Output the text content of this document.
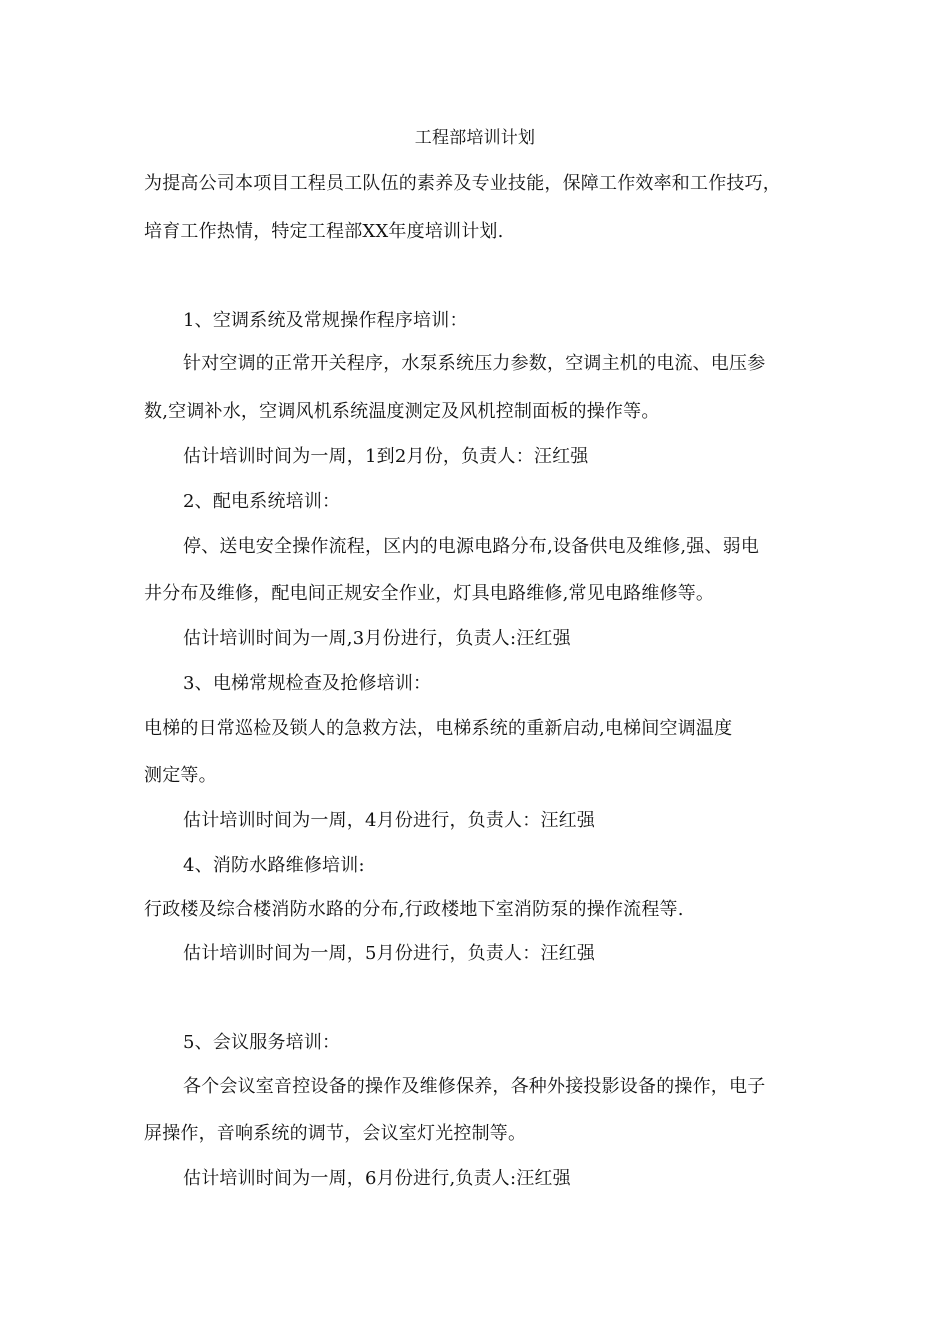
工程部培训计划
为提高公司本项目工程员工队伍的素养及专业技能，保障工作效率和工作技巧，
培育工作热情，特定工程部XX年度培训计划.
1、空调系统及常规操作程序培训：
针对空调的正常开关程序，水泵系统压力参数，空调主机的电流、电压参
数,空调补水，空调风机系统温度测定及风机控制面板的操作等。
估计培训时间为一周，1到2月份，负责人：汪红强
2、配电系统培训：
停、送电安全操作流程，区内的电源电路分布,设备供电及维修,强、弱电
井分布及维修，配电间正规安全作业，灯具电路维修,常见电路维修等。
估计培训时间为一周,3月份进行，负责人:汪红强
3、电梯常规检查及抢修培训：
电梯的日常巡检及锁人的急救方法，电梯系统的重新启动,电梯间空调温度
测定等。
估计培训时间为一周，4月份进行，负责人：汪红强
4、消防水路维修培训:
行政楼及综合楼消防水路的分布,行政楼地下室消防泵的操作流程等.
估计培训时间为一周，5月份进行，负责人：汪红强
5、会议服务培训：
各个会议室音控设备的操作及维修保养，各种外接投影设备的操作，电子
屏操作，音响系统的调节，会议室灯光控制等。
估计培训时间为一周，6月份进行,负责人:汪红强
